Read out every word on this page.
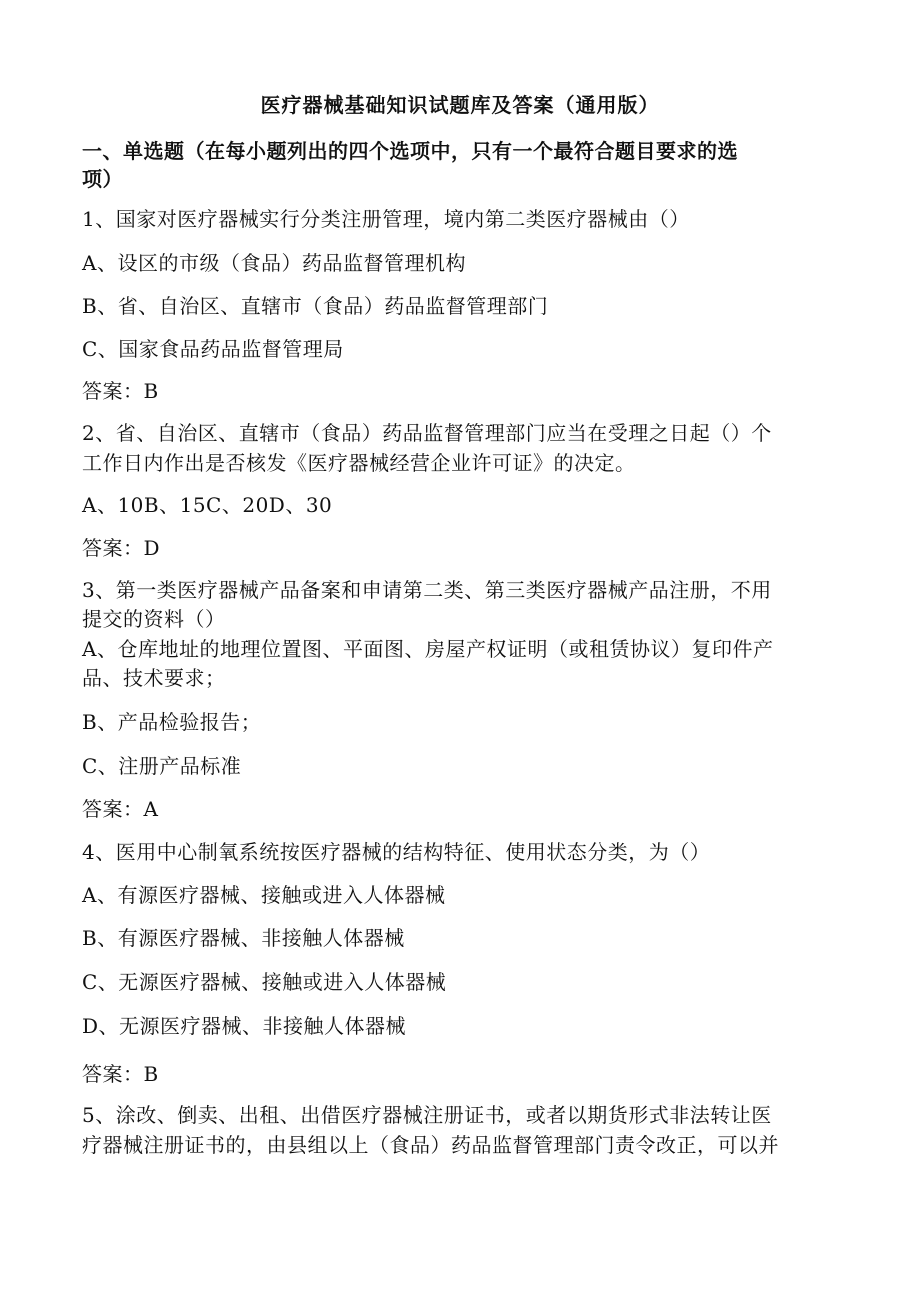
医疗器械基础知识试题库及答案（通用版）
一、单选题（在每小题列出的四个选项中，只有一个最符合题目要求的选
项）
1、国家对医疗器械实行分类注册管理，境内第二类医疗器械由（）
A、设区的市级（食品）药品监督管理机构
B、省、自治区、直辖市（食品）药品监督管理部门
C、国家食品药品监督管理局
答案：B
2、省、自治区、直辖市（食品）药品监督管理部门应当在受理之日起（）个
工作日内作出是否核发《医疗器械经营企业许可证》的决定。
A、10B、15C、20D、30
答案：D
3、第一类医疗器械产品备案和申请第二类、第三类医疗器械产品注册，不用
提交的资料（）
A、仓库地址的地理位置图、平面图、房屋产权证明（或租赁协议）复印件产
品、技术要求；
B、产品检验报告；
C、注册产品标准
答案：A
4、医用中心制氧系统按医疗器械的结构特征、使用状态分类，为（）
A、有源医疗器械、接触或进入人体器械
B、有源医疗器械、非接触人体器械
C、无源医疗器械、接触或进入人体器械
D、无源医疗器械、非接触人体器械
答案：B
5、涂改、倒卖、出租、出借医疗器械注册证书，或者以期货形式非法转让医
疗器械注册证书的，由县组以上（食品）药品监督管理部门责令改正，可以并
